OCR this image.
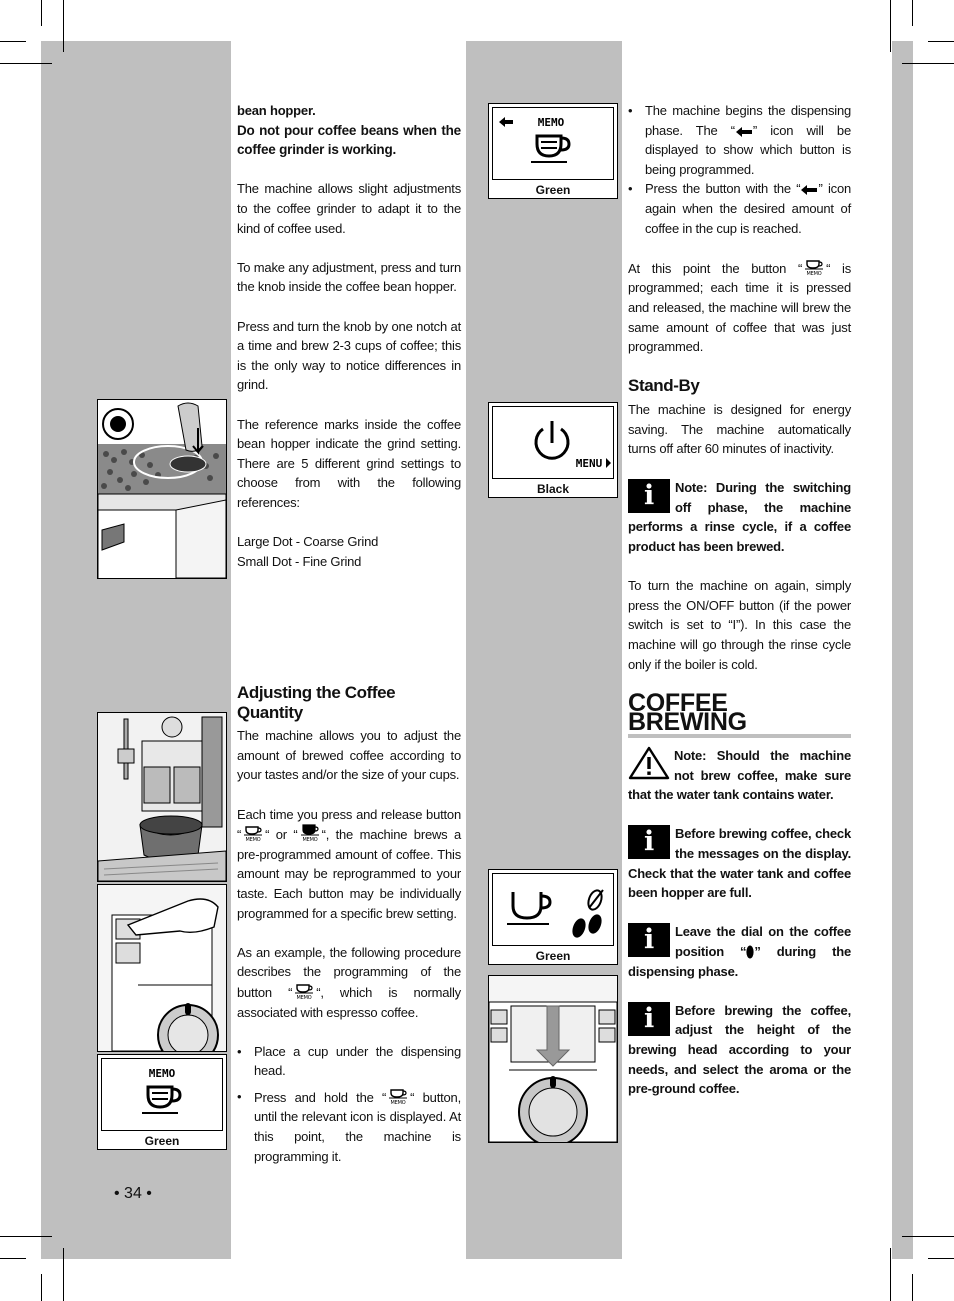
bean hopper.

Do not pour coffee beans when the coffee grinder is working.

The machine allows slight adjustments to the coffee grinder to adapt it to the kind of coffee used.

To make any adjustment, press and turn the knob inside the coffee bean hopper.

Press and turn the knob by one notch at a time and brew 2-3 cups of coffee; this is the only way to notice differences in grind.

The reference marks inside the coffee bean hopper indicate the grind setting. There are 5 different grind settings to choose from with the following references:

Large Dot - Coarse Grind

Small Dot - Fine Grind

Adjusting the Coffee Quantity

The machine allows you to adjust the amount of brewed coffee according to your tastes and/or the size of your cups.

Each time you press and release button “ MEMO “ or “ MEMO “, the machine brews a pre-programmed amount of coffee. This amount may be reprogrammed to your taste. Each button may be individually programmed for a specific brew setting.

As an example, the following procedure describes the programming of the button “ MEMO “, which is normally associated with espresso coffee.

• Place a cup under the dispensing head.
• Press and hold the “ MEMO “ button, until the relevant icon is displayed. At this point, the machine is programming it.
• The machine begins the dispensing phase. The “ ” icon will be displayed to show which button is being programmed.
• Press the button with the “ ” icon again when the desired amount of coffee in the cup is reached.

At this point the button “ MEMO “ is programmed; each time it is pressed and released, the machine will brew the same amount of coffee that was just programmed.

Stand-By

The machine is designed for energy saving. The machine automatically turns off after 60 minutes of inactivity.

i	Note: During the switching off phase, the machine performs a rinse cycle, if a coffee product has been brewed.

To turn the machine on again, simply press the ON/OFF button (if the power switch is set to “I”). In this case the machine will go through the rinse cycle only if the boiler is cold.

COFFEE BREWING
Note: Should the machine not brew coffee, make sure that the water tank contains water.
i	Before brewing coffee, check the messages on the display. Check that the water tank and coffee been hopper are full.
i	Leave the dial on the coffee position “ ” during the dispensing phase.
i	Before brewing the coffee, adjust the height of the brewing head according to your needs, and select the aroma or the pre-ground coffee.
MEMO
Green
• 34 •
MEMO
Green
MENU
Black
Green
